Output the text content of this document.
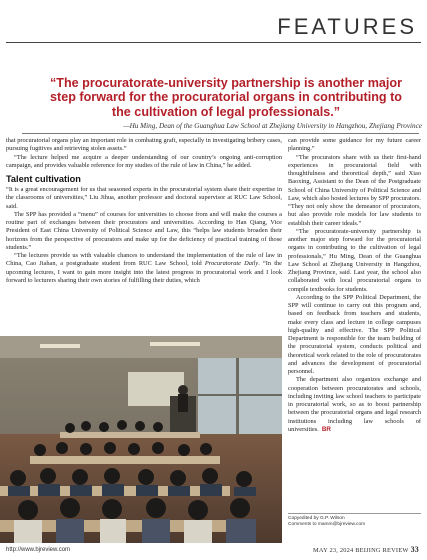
FEATURES
“The procuratorate-university partnership is another major step forward for the procuratorial organs in contributing to the cultivation of legal professionals.”
—Hu Ming, Dean of the Guanghua Law School at Zhejiang University in Hangzhou, Zhejiang Province

that procuratorial organs play an important role in combating graft, especially in investigating bribery cases, pursuing fugitives and retrieving stolen assets.”

“The lecture helped me acquire a deeper understanding of our country’s ongoing anti-corruption campaign, and provides valuable reference for my studies of the rule of law in China,” he added.

Talent cultivation

“It is a great encouragement for us that seasoned experts in the procuratorial system share their expertise in the classrooms of universities,” Liu Jihua, another professor and doctoral supervisor at RUC Law School, said.

The SPP has provided a “menu” of courses for universities to choose from and will make the courses a routine part of exchanges between their procurators and universities. According to Han Qiang, Vice President of East China University of Political Science and Law, this “helps law students broaden their horizons from the perspective of procurators and make up for the deficiency of practical training of those students.”

“The lectures provide us with valuable chances to understand the implementation of the rule of law in China, Cao Jiahan, a postgraduate student from RUC Law School, told Procuratorate Daily. “In the upcoming lectures, I want to gain more insight into the latest progress in procuratorial work and I look forward to lecturers sharing their own stories of fulfilling their duties, which

can provide some guidance for my future career planning.”

“The procurators share with us their first-hand experiences in procuratorial field with thoughtfulness and theoretical depth,” said Xiao Baoxing, Assistant to the Dean of the Postgraduate School of China University of Political Science and Law, which also hosted lectures by SPP procurators. “They not only show the demeanor of procurators, but also provide role models for law students to establish their career ideals.”

“The procuratorate-university partnership is another major step forward for the procuratorial organs in contributing to the cultivation of legal professionals,” Hu Ming, Dean of the Guanghua Law School at Zhejiang University in Hangzhou, Zhejiang Province, said. Last year, the school also collaborated with local procuratorial organs to compile textbooks for students.

According to the SPP Political Department, the SPP will continue to carry out this program and, based on feedback from teachers and students, make every class and lecture in college campuses high-quality and effective. The SPP Political Department is responsible for the team building of the procuratorial system, conducts political and theoretical work related to the role of procuratorates and advances the development of procuratorial personnel.

The department also organizes exchange and cooperation between procuratorates and schools, including inviting law school teachers to participate in procuratorial work, so as to boost partnership between the procuratorial organs and legal research institutions including law schools of universities. BR

Copyedited by G.P. Wilson
Comments to mamm@bjreview.com
http://www.bjreview.com	MAY 23, 2024 BEIJING REVIEW 33
